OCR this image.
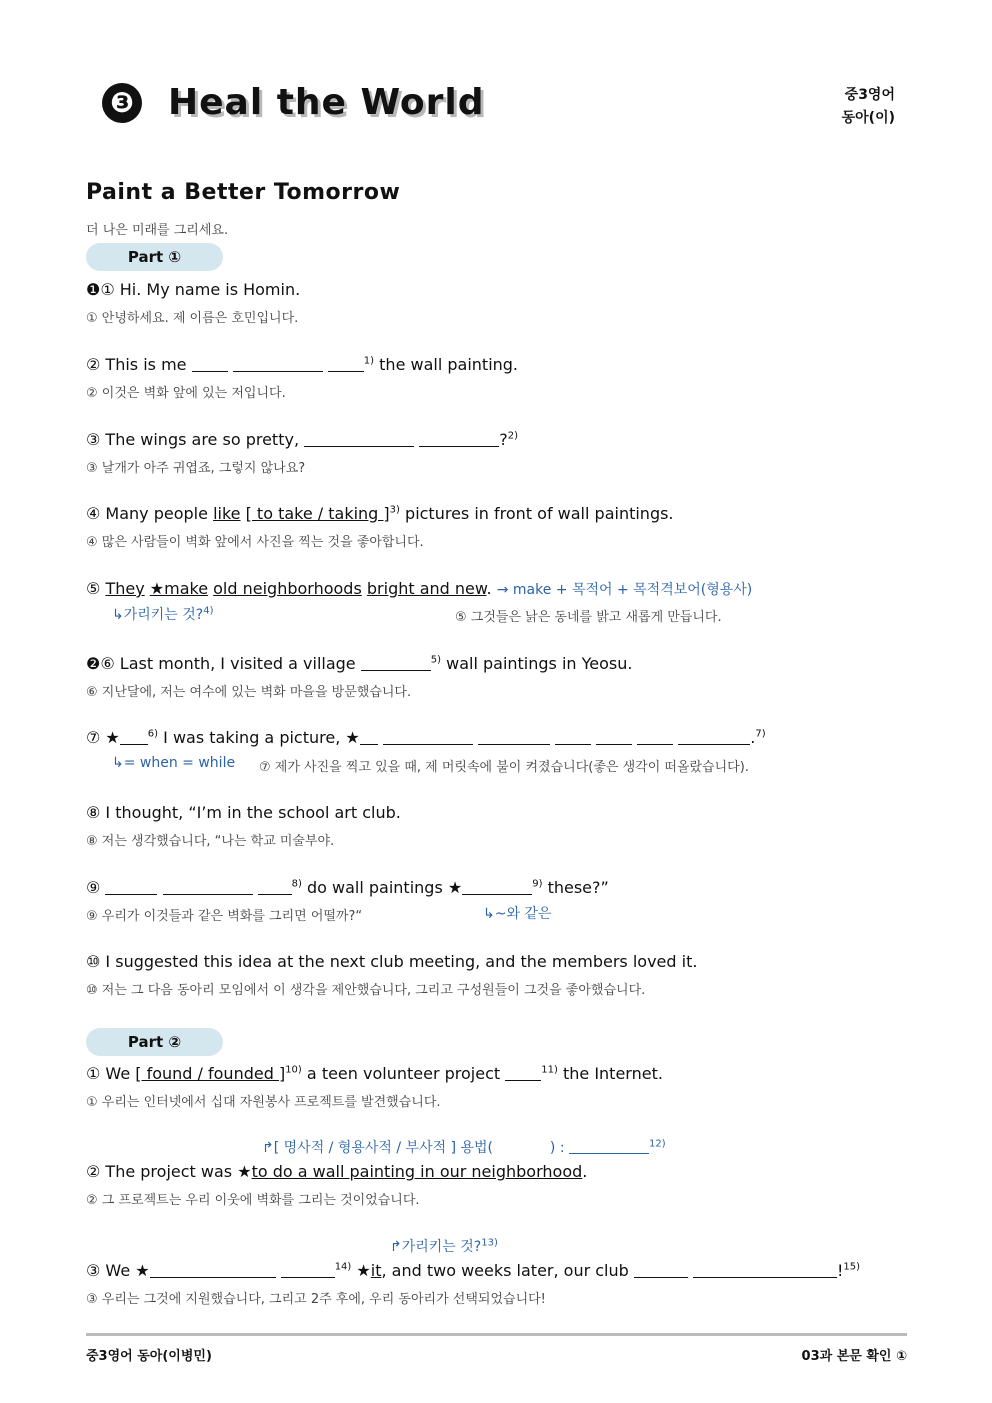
❸ Heal the World	중3영어
동아(이)
Paint a Better Tomorrow
더 나은 미래를 그리세요.
Part ①
❶① Hi. My name is Homin.
① 안녕하세요. 제 이름은 호민입니다.
② This is me	$^{1)}$ the wall painting.
② 이것은 벽화 앞에 있는 저입니다.
③ The wings are so pretty,	?$^{2)}$
③ 날개가 아주 귀엽죠, 그렇지 않나요?
④ Many people like [ to take / taking ]$^{3)}$ pictures in front of wall paintings.
④ 많은 사람들이 벽화 앞에서 사진을 찍는 것을 좋아합니다.
⑤ They ★make old neighborhoods bright and new. → make + 목적어 + 목적격보어(형용사)
↳가리키는 것?$^{4)}$	⑤ 그것들은 낡은 동네를 밝고 새롭게 만듭니다.
❷⑥ Last month, I visited a village	$^{5)}$ wall paintings in Yeosu.
⑥ 지난달에, 저는 여수에 있는 벽화 마을을 방문했습니다.
⑦ ★	$^{6)}$ I was taking a picture, ★	.$^{7)}$
↳= when = while ⑦ 제가 사진을 찍고 있을 때, 제 머릿속에 불이 켜졌습니다(좋은 생각이 떠올랐습니다).
⑧ I thought, “I’m in the school art club.
⑧ 저는 생각했습니다, “나는 학교 미술부야.
⑨	$^{8)}$ do wall paintings ★	$^{9)}$ these?”
⑨ 우리가 이것들과 같은 벽화를 그리면 어떨까?“	↳~와 같은
⑩ I suggested this idea at the next club meeting, and the members loved it.
⑩ 저는 그 다음 동아리 모임에서 이 생각을 제안했습니다, 그리고 구성원들이 그것을 좋아했습니다.
Part ②
① We [ found / founded ]$^{10)}$ a teen volunteer project	$^{11)}$ the Internet.
① 우리는 인터넷에서 십대 자원봉사 프로젝트를 발견했습니다.
↱[ 명사적 / 형용사적 / 부사적 ] 용법(	) :	$^{12)}$
② The project was ★to do a wall painting in our neighborhood.
② 그 프로젝트는 우리 이웃에 벽화를 그리는 것이었습니다.
↱가리키는 것?$^{13)}$
③ We ★	$^{14)}$ ★it, and two weeks later, our club	!$^{15)}$
③ 우리는 그것에 지원했습니다, 그리고 2주 후에, 우리 동아리가 선택되었습니다!
중3영어 동아(이병민)	03과 본문 확인 ①
